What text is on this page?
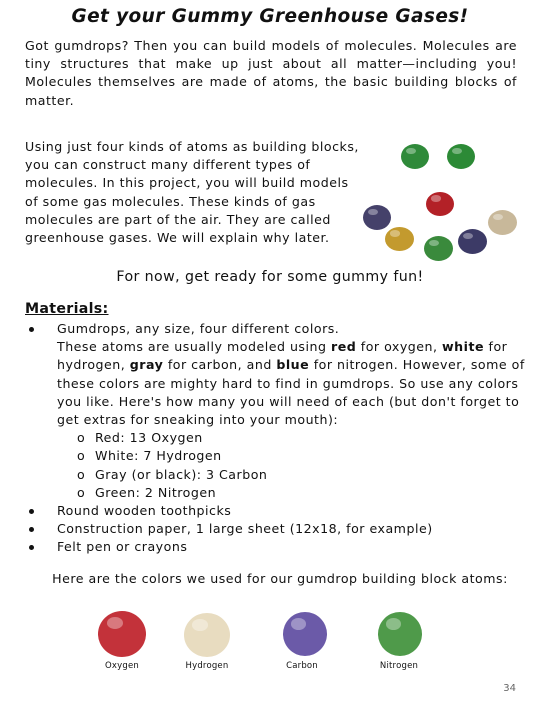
Get your Gummy Greenhouse Gases!

Got gumdrops? Then you can build models of molecules. Molecules are tiny structures that make up just about all matter—including you! Molecules themselves are made of atoms, the basic building blocks of matter.

Using just four kinds of atoms as building blocks, you can construct many different types of molecules. In this project, you will build models of some gas molecules. These kinds of gas molecules are part of the air. They are called greenhouse gases. We will explain why later.

For now, get ready for some gummy fun!
Materials:
Gumdrops, any size, four different colors.
These atoms are usually modeled using red for oxygen, white for hydrogen, gray for carbon, and blue for nitrogen. However, some of these colors are mighty hard to find in gumdrops. So use any colors you like. Here's how many you will need of each (but don't forget to get extras for sneaking into your mouth):
o Red: 13 Oxygen
o White: 7 Hydrogen
o Gray (or black): 3 Carbon
o Green: 2 Nitrogen
Round wooden toothpicks
Construction paper, 1 large sheet (12x18, for example)
Felt pen or crayons
Here are the colors we used for our gumdrop building block atoms:
Oxygen	Hydrogen	Carbon	Nitrogen
34
